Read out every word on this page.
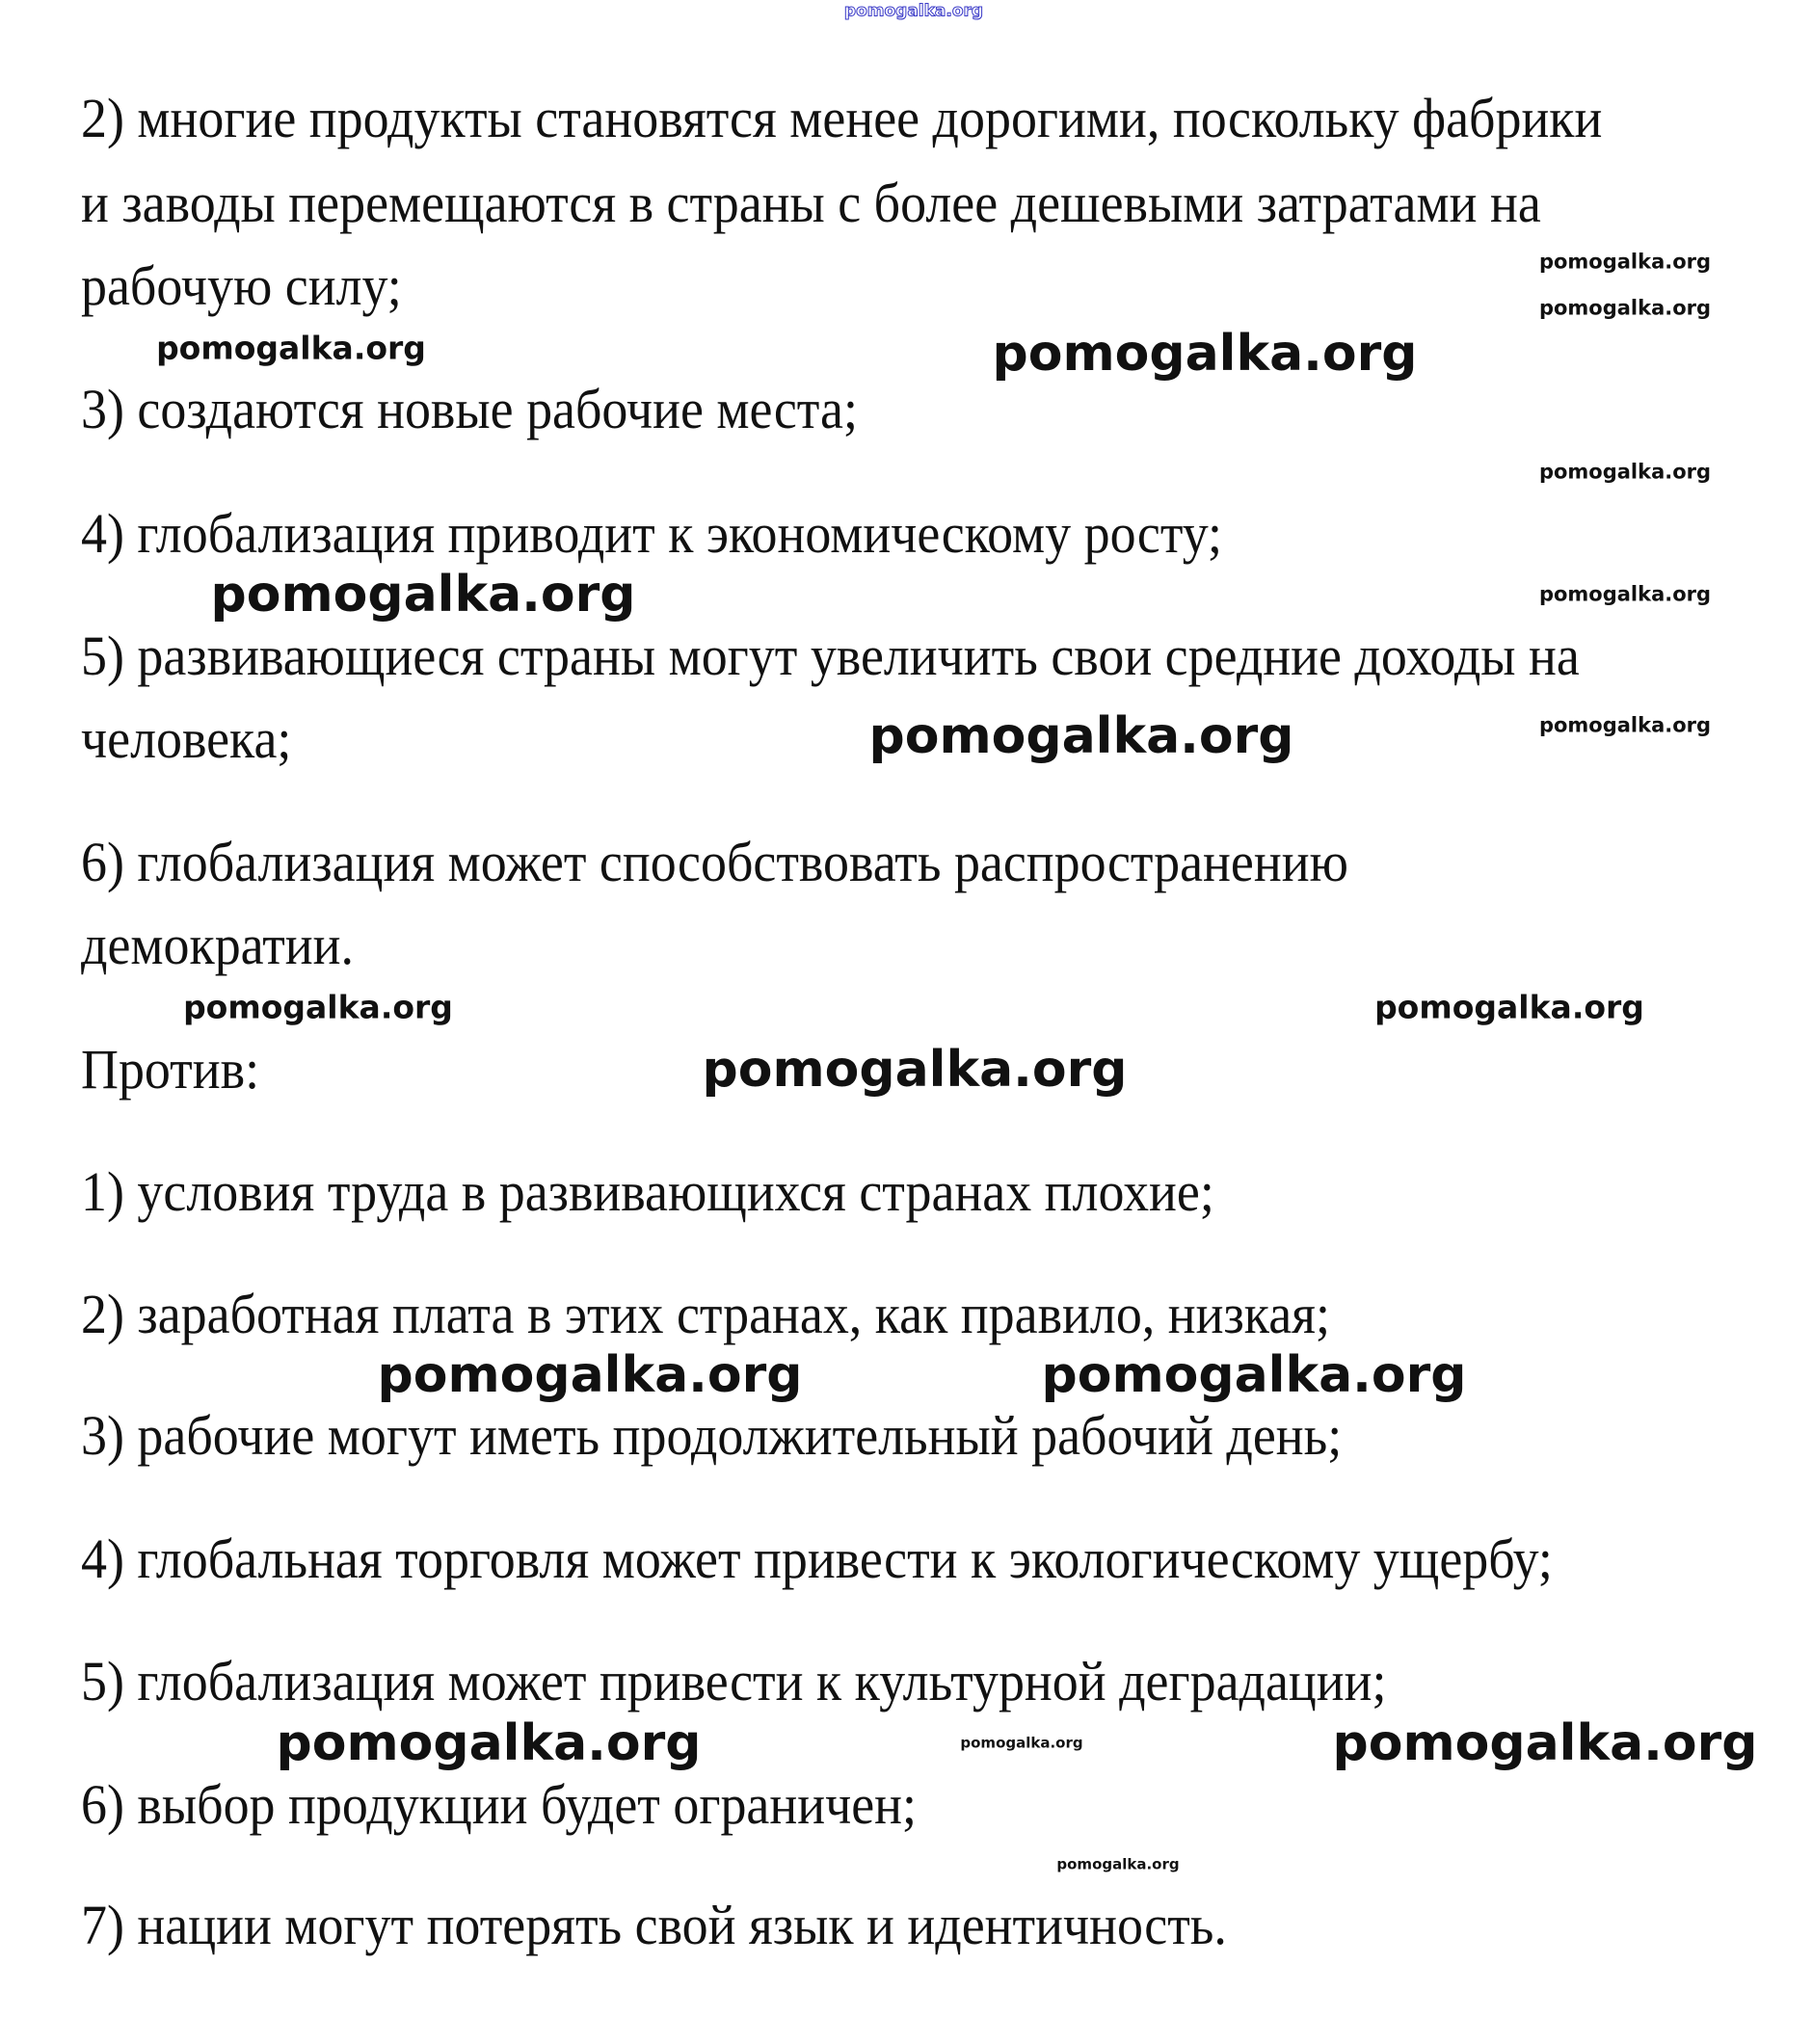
2) многие продукты становятся менее дорогими, поскольку фабрики
и заводы перемещаются в страны с более дешевыми затратами на
рабочую силу;
3) создаются новые рабочие места;
4) глобализация приводит к экономическому росту;
5) развивающиеся страны могут увеличить свои средние доходы на
человека;
6) глобализация может способствовать распространению
демократии.
Против:
1) условия труда в развивающихся странах плохие;
2) заработная плата в этих странах, как правило, низкая;
3) рабочие могут иметь продолжительный рабочий день;
4) глобальная торговля может привести к экологическому ущербу;
5) глобализация может привести к культурной деградации;
6) выбор продукции будет ограничен;
7) нации могут потерять свой язык и идентичность.
pomogalka.org
pomogalka.org
pomogalka.org
pomogalka.org
pomogalka.org
pomogalka.org
pomogalka.org	pomogalka.org
pomogalka.org
pomogalka.org
pomogalka.org
pomogalka.org
pomogalka.org
pomogalka.org	pomogalka.org
pomogalka.org	pomogalka.org	pomogalka.org
pomogalka.org
